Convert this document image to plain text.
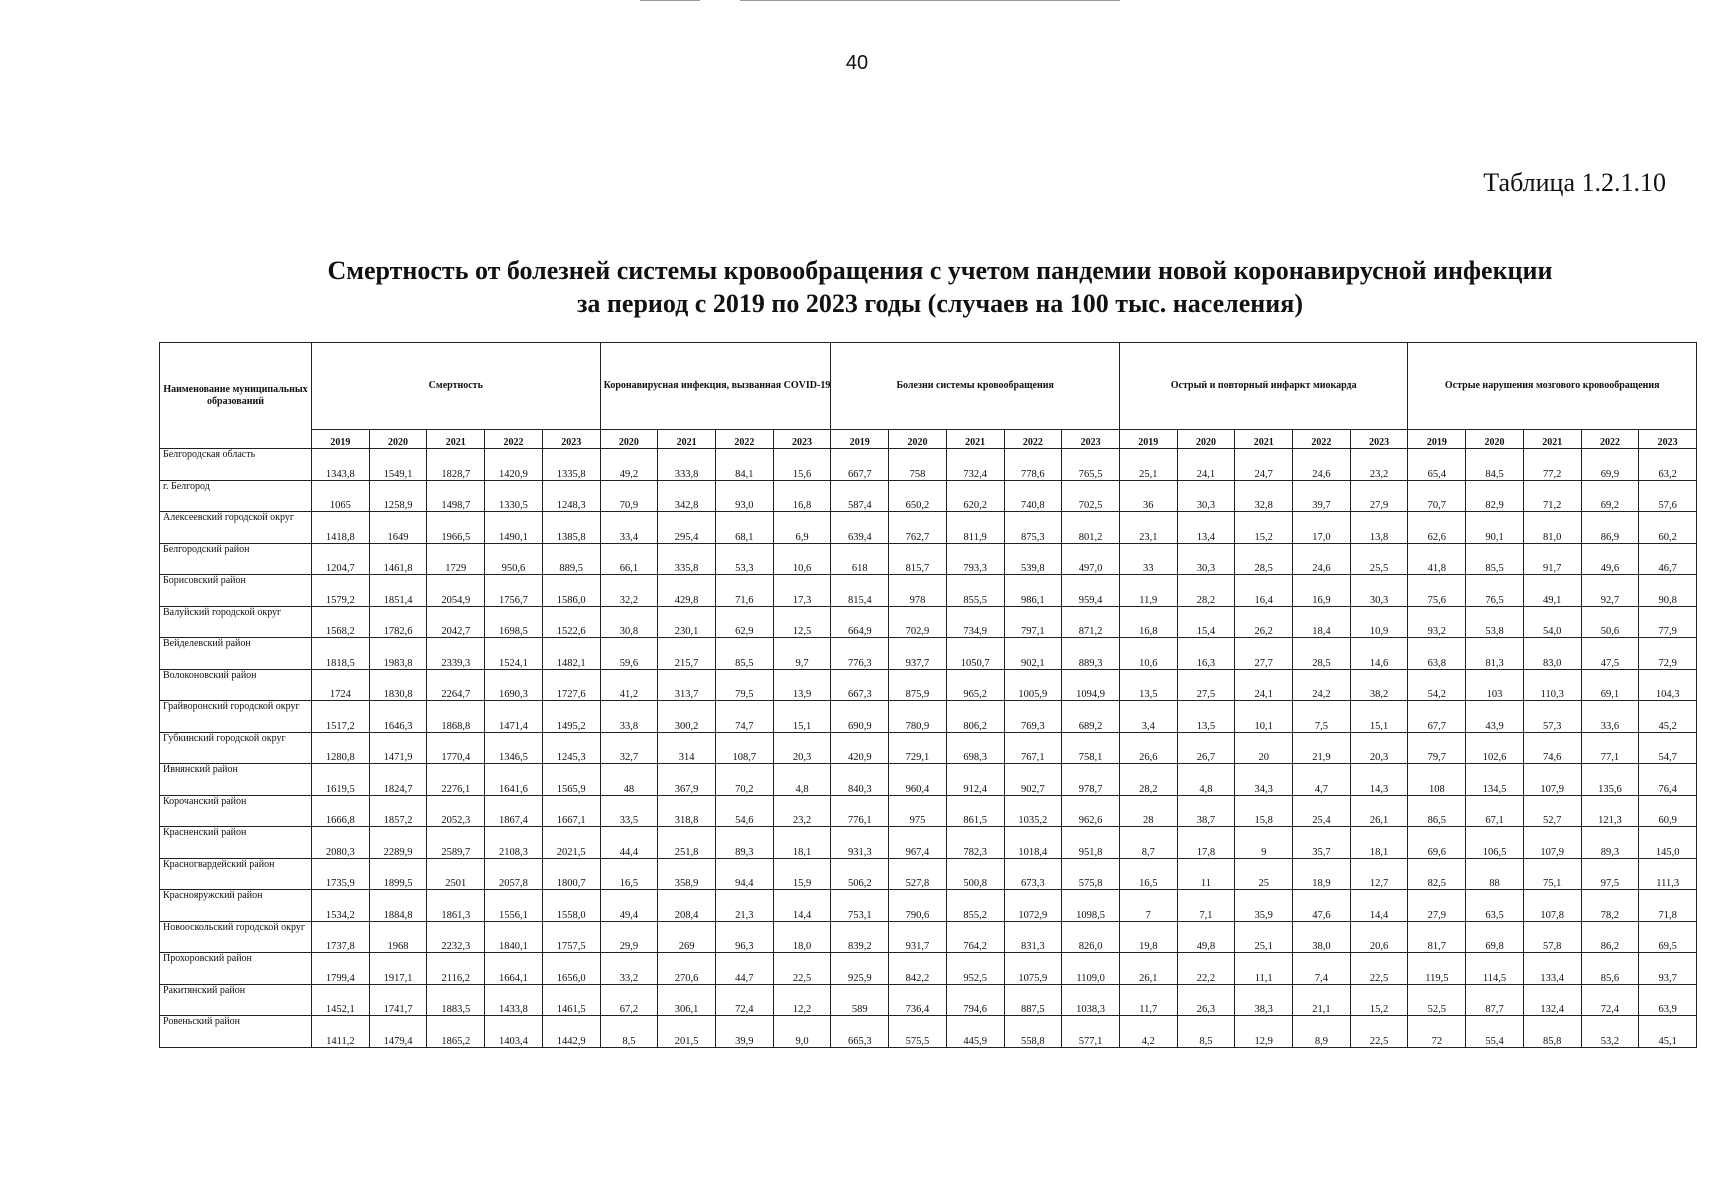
40
Таблица 1.2.1.10
Смертность от болезней системы кровообращения с учетом пандемии новой коронавирусной инфекции
за период с 2019 по 2023 годы (случаев на 100 тыс. населения)
Наименование муниципальных образований	Смертность					Коронавирусная инфекция, вызванная COVID-19				Болезни системы кровообращения					Острый и повторный инфаркт миокарда					Острые нарушения мозгового кровообращения				
	2019	2020	2021	2022	2023	2020	2021	2022	2023	2019	2020	2021	2022	2023	2019	2020	2021	2022	2023	2019	2020	2021	2022	2023
Белгородская область	1343,8	1549,1	1828,7	1420,9	1335,8	49,2	333,8	84,1	15,6	667,7	758	732,4	778,6	765,5	25,1	24,1	24,7	24,6	23,2	65,4	84,5	77,2	69,9	63,2
г. Белгород	1065	1258,9	1498,7	1330,5	1248,3	70,9	342,8	93,0	16,8	587,4	650,2	620,2	740,8	702,5	36	30,3	32,8	39,7	27,9	70,7	82,9	71,2	69,2	57,6
Алексеевский городской округ	1418,8	1649	1966,5	1490,1	1385,8	33,4	295,4	68,1	6,9	639,4	762,7	811,9	875,3	801,2	23,1	13,4	15,2	17,0	13,8	62,6	90,1	81,0	86,9	60,2
Белгородский район	1204,7	1461,8	1729	950,6	889,5	66,1	335,8	53,3	10,6	618	815,7	793,3	539,8	497,0	33	30,3	28,5	24,6	25,5	41,8	85,5	91,7	49,6	46,7
Борисовский район	1579,2	1851,4	2054,9	1756,7	1586,0	32,2	429,8	71,6	17,3	815,4	978	855,5	986,1	959,4	11,9	28,2	16,4	16,9	30,3	75,6	76,5	49,1	92,7	90,8
Валуйский городской округ	1568,2	1782,6	2042,7	1698,5	1522,6	30,8	230,1	62,9	12,5	664,9	702,9	734,9	797,1	871,2	16,8	15,4	26,2	18,4	10,9	93,2	53,8	54,0	50,6	77,9
Вейделевский район	1818,5	1983,8	2339,3	1524,1	1482,1	59,6	215,7	85,5	9,7	776,3	937,7	1050,7	902,1	889,3	10,6	16,3	27,7	28,5	14,6	63,8	81,3	83,0	47,5	72,9
Волоконовский район	1724	1830,8	2264,7	1690,3	1727,6	41,2	313,7	79,5	13,9	667,3	875,9	965,2	1005,9	1094,9	13,5	27,5	24,1	24,2	38,2	54,2	103	110,3	69,1	104,3
Грайворонский городской округ	1517,2	1646,3	1868,8	1471,4	1495,2	33,8	300,2	74,7	15,1	690,9	780,9	806,2	769,3	689,2	3,4	13,5	10,1	7,5	15,1	67,7	43,9	57,3	33,6	45,2
Губкинский городской округ	1280,8	1471,9	1770,4	1346,5	1245,3	32,7	314	108,7	20,3	420,9	729,1	698,3	767,1	758,1	26,6	26,7	20	21,9	20,3	79,7	102,6	74,6	77,1	54,7
Ивнянский район	1619,5	1824,7	2276,1	1641,6	1565,9	48	367,9	70,2	4,8	840,3	960,4	912,4	902,7	978,7	28,2	4,8	34,3	4,7	14,3	108	134,5	107,9	135,6	76,4
Корочанский район	1666,8	1857,2	2052,3	1867,4	1667,1	33,5	318,8	54,6	23,2	776,1	975	861,5	1035,2	962,6	28	38,7	15,8	25,4	26,1	86,5	67,1	52,7	121,3	60,9
Красненский район	2080,3	2289,9	2589,7	2108,3	2021,5	44,4	251,8	89,3	18,1	931,3	967,4	782,3	1018,4	951,8	8,7	17,8	9	35,7	18,1	69,6	106,5	107,9	89,3	145,0
Красногвардейский район	1735,9	1899,5	2501	2057,8	1800,7	16,5	358,9	94,4	15,9	506,2	527,8	500,8	673,3	575,8	16,5	11	25	18,9	12,7	82,5	88	75,1	97,5	111,3
Краснояружский район	1534,2	1884,8	1861,3	1556,1	1558,0	49,4	208,4	21,3	14,4	753,1	790,6	855,2	1072,9	1098,5	7	7,1	35,9	47,6	14,4	27,9	63,5	107,8	78,2	71,8
Новооскольский городской округ	1737,8	1968	2232,3	1840,1	1757,5	29,9	269	96,3	18,0	839,2	931,7	764,2	831,3	826,0	19,8	49,8	25,1	38,0	20,6	81,7	69,8	57,8	86,2	69,5
Прохоровский район	1799,4	1917,1	2116,2	1664,1	1656,0	33,2	270,6	44,7	22,5	925,9	842,2	952,5	1075,9	1109,0	26,1	22,2	11,1	7,4	22,5	119,5	114,5	133,4	85,6	93,7
Ракитянский район	1452,1	1741,7	1883,5	1433,8	1461,5	67,2	306,1	72,4	12,2	589	736,4	794,6	887,5	1038,3	11,7	26,3	38,3	21,1	15,2	52,5	87,7	132,4	72,4	63,9
Ровеньский район	1411,2	1479,4	1865,2	1403,4	1442,9	8,5	201,5	39,9	9,0	665,3	575,5	445,9	558,8	577,1	4,2	8,5	12,9	8,9	22,5	72	55,4	85,8	53,2	45,1
